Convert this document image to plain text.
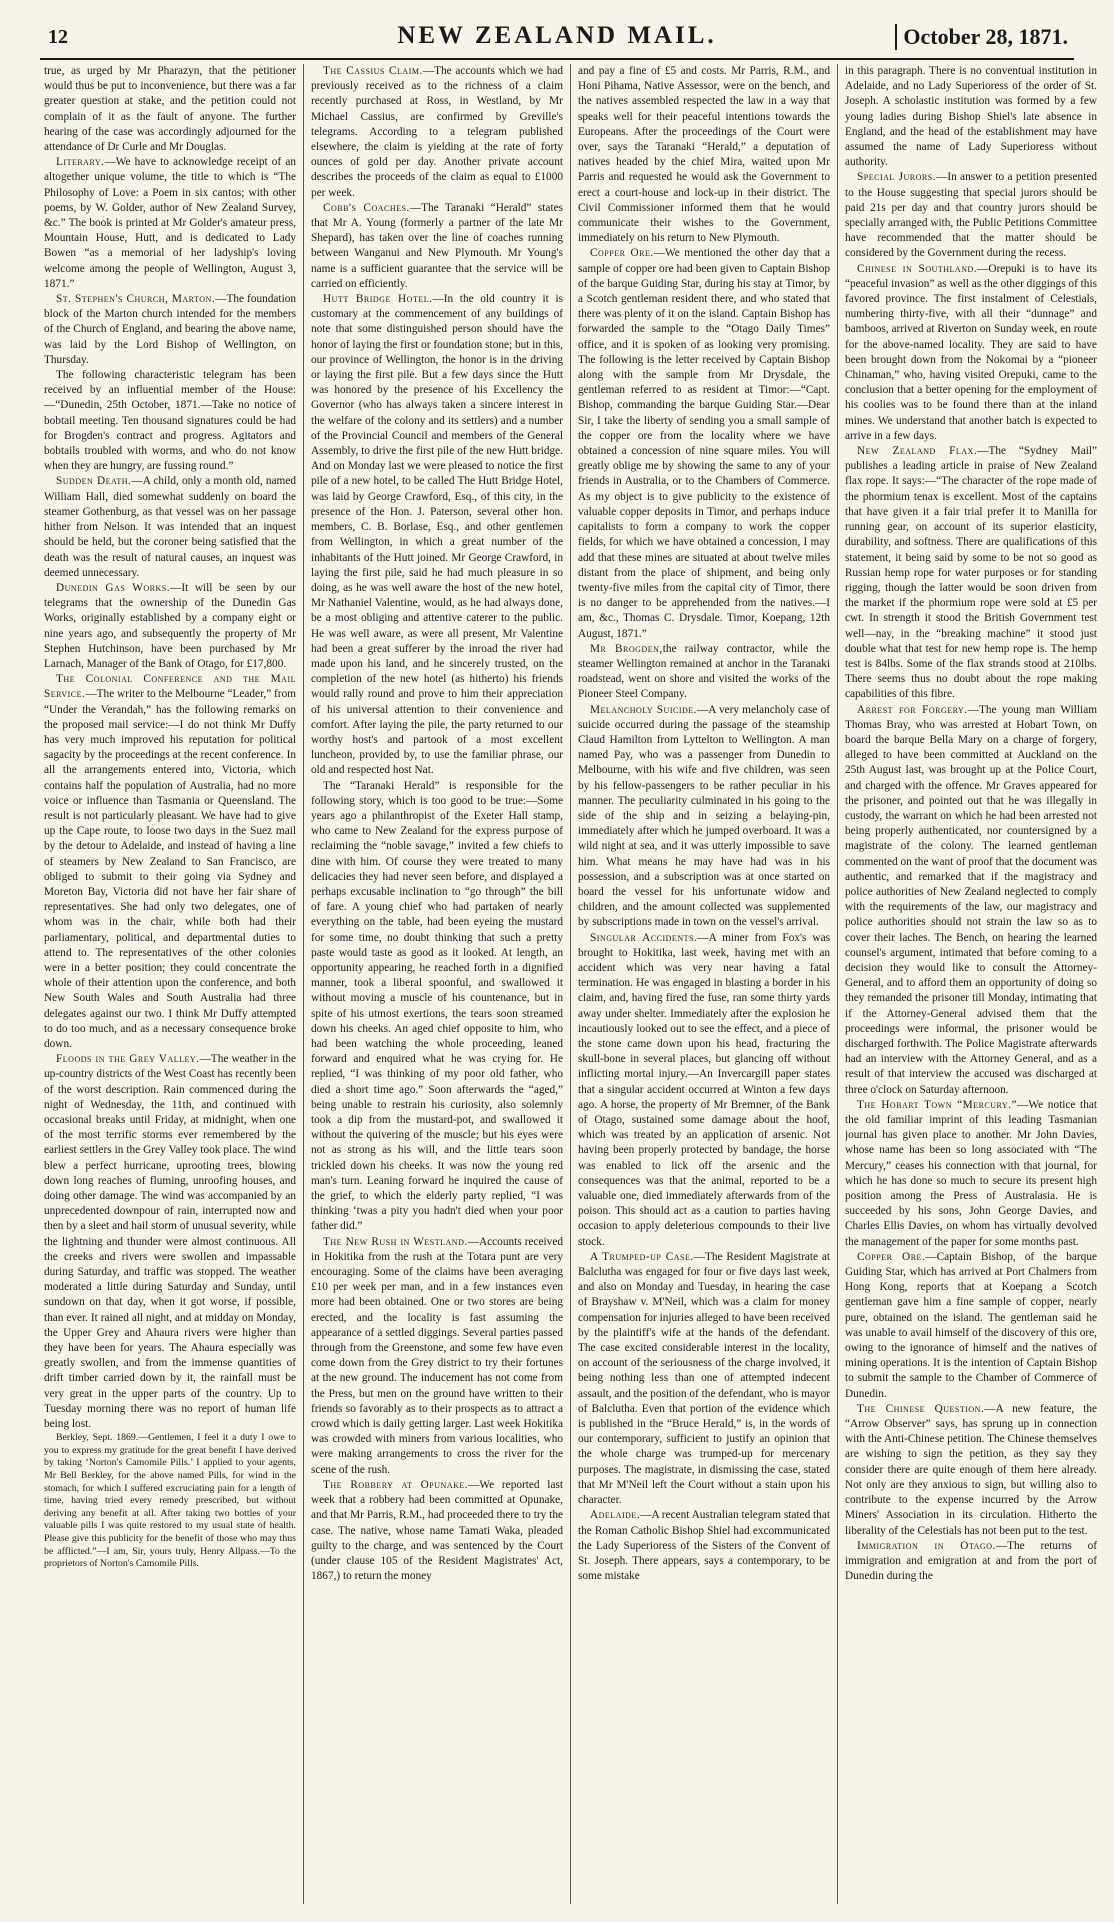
12	NEW ZEALAND MAIL.	October 28, 1871.

true, as urged by Mr Pharazyn, that the petitioner would thus be put to inconvenience, but there was a far greater question at stake, and the petition could not complain of it as the fault of anyone. The further hearing of the case was accordingly adjourned for the attendance of Dr Curle and Mr Douglas.

Literary.—We have to acknowledge receipt of an altogether unique volume, the title to which is “The Philosophy of Love: a Poem in six cantos; with other poems, by W. Golder, author of New Zealand Survey, &c.” The book is printed at Mr Golder's amateur press, Mountain House, Hutt, and is dedicated to Lady Bowen “as a memorial of her ladyship's loving welcome among the people of Wellington, August 3, 1871.”

St. Stephen's Church, Marton.—The foundation block of the Marton church intended for the members of the Church of England, and bearing the above name, was laid by the Lord Bishop of Wellington, on Thursday.

The following characteristic telegram has been received by an influential member of the House:—“Dunedin, 25th October, 1871.—Take no notice of bobtail meeting. Ten thousand signatures could be had for Brogden's contract and progress. Agitators and bobtails troubled with worms, and who do not know when they are hungry, are fussing round.”

Sudden Death.—A child, only a month old, named William Hall, died somewhat suddenly on board the steamer Gothenburg, as that vessel was on her passage hither from Nelson. It was intended that an inquest should be held, but the coroner being satisfied that the death was the result of natural causes, an inquest was deemed unnecessary.

Dunedin Gas Works.—It will be seen by our telegrams that the ownership of the Dunedin Gas Works, originally established by a company eight or nine years ago, and subsequently the property of Mr Stephen Hutchinson, have been purchased by Mr Larnach, Manager of the Bank of Otago, for £17,800.

The Colonial Conference and the Mail Service.—The writer to the Melbourne “Leader,” from “Under the Verandah,” has the following remarks on the proposed mail service:—I do not think Mr Duffy has very much improved his reputation for political sagacity by the proceedings at the recent conference. In all the arrangements entered into, Victoria, which contains half the population of Australia, had no more voice or influence than Tasmania or Queensland. The result is not particularly pleasant. We have had to give up the Cape route, to loose two days in the Suez mail by the detour to Adelaide, and instead of having a line of steamers by New Zealand to San Francisco, are obliged to submit to their going via Sydney and Moreton Bay, Victoria did not have her fair share of representatives. She had only two delegates, one of whom was in the chair, while both had their parliamentary, political, and departmental duties to attend to. The representatives of the other colonies were in a better position; they could concentrate the whole of their attention upon the conference, and both New South Wales and South Australia had three delegates against our two. I think Mr Duffy attempted to do too much, and as a necessary consequence broke down.

Floods in the Grey Valley.—The weather in the up-country districts of the West Coast has recently been of the worst description. Rain commenced during the night of Wednesday, the 11th, and continued with occasional breaks until Friday, at midnight, when one of the most terrific storms ever remembered by the earliest settlers in the Grey Valley took place. The wind blew a perfect hurricane, uprooting trees, blowing down long reaches of fluming, unroofing houses, and doing other damage. The wind was accompanied by an unprecedented downpour of rain, interrupted now and then by a sleet and hail storm of unusual severity, while the lightning and thunder were almost continuous. All the creeks and rivers were swollen and impassable during Saturday, and traffic was stopped. The weather moderated a little during Saturday and Sunday, until sundown on that day, when it got worse, if possible, than ever. It rained all night, and at midday on Monday, the Upper Grey and Ahaura rivers were higher than they have been for years. The Ahaura especially was greatly swollen, and from the immense quantities of drift timber carried down by it, the rainfall must be very great in the upper parts of the country. Up to Tuesday morning there was no report of human life being lost.

Berkley, Sept. 1869.—Gentlemen, I feel it a duty I owe to you to express my gratitude for the great benefit I have derived by taking ‘Norton's Camomile Pills.’ I applied to your agents, Mr Bell Berkley, for the above named Pills, for wind in the stomach, for which I suffered excruciating pain for a length of time, having tried every remedy prescribed, but without deriving any benefit at all. After taking two bottles of your valuable pills I was quite restored to my usual state of health. Please give this publicity for the benefit of those who may thus be afflicted.”—I am, Sir, yours truly, Henry Allpass.—To the proprietors of Norton's Camomile Pills.

The Cassius Claim.—The accounts which we had previously received as to the richness of a claim recently purchased at Ross, in Westland, by Mr Michael Cassius, are confirmed by Greville's telegrams. According to a telegram published elsewhere, the claim is yielding at the rate of forty ounces of gold per day. Another private account describes the proceeds of the claim as equal to £1000 per week.

Cobb's Coaches.—The Taranaki “Herald” states that Mr A. Young (formerly a partner of the late Mr Shepard), has taken over the line of coaches running between Wanganui and New Plymouth. Mr Young's name is a sufficient guarantee that the service will be carried on efficiently.

Hutt Bridge Hotel.—In the old country it is customary at the commencement of any buildings of note that some distinguished person should have the honor of laying the first or foundation stone; but in this, our province of Wellington, the honor is in the driving or laying the first pile. But a few days since the Hutt was honored by the presence of his Excellency the Governor (who has always taken a sincere interest in the welfare of the colony and its settlers) and a number of the Provincial Council and members of the General Assembly, to drive the first pile of the new Hutt bridge. And on Monday last we were pleased to notice the first pile of a new hotel, to be called The Hutt Bridge Hotel, was laid by George Crawford, Esq., of this city, in the presence of the Hon. J. Paterson, several other hon. members, C. B. Borlase, Esq., and other gentlemen from Wellington, in which a great number of the inhabitants of the Hutt joined. Mr George Crawford, in laying the first pile, said he had much pleasure in so doing, as he was well aware the host of the new hotel, Mr Nathaniel Valentine, would, as he had always done, be a most obliging and attentive caterer to the public. He was well aware, as were all present, Mr Valentine had been a great sufferer by the inroad the river had made upon his land, and he sincerely trusted, on the completion of the new hotel (as hitherto) his friends would rally round and prove to him their appreciation of his universal attention to their convenience and comfort. After laying the pile, the party returned to our worthy host's and partook of a most excellent luncheon, provided by, to use the familiar phrase, our old and respected host Nat.

The “Taranaki Herald” is responsible for the following story, which is too good to be true:—Some years ago a philanthropist of the Exeter Hall stamp, who came to New Zealand for the express purpose of reclaiming the “noble savage,” invited a few chiefs to dine with him. Of course they were treated to many delicacies they had never seen before, and displayed a perhaps excusable inclination to “go through” the bill of fare. A young chief who had partaken of nearly everything on the table, had been eyeing the mustard for some time, no doubt thinking that such a pretty paste would taste as good as it looked. At length, an opportunity appearing, he reached forth in a dignified manner, took a liberal spoonful, and swallowed it without moving a muscle of his countenance, but in spite of his utmost exertions, the tears soon streamed down his cheeks. An aged chief opposite to him, who had been watching the whole proceeding, leaned forward and enquired what he was crying for. He replied, “I was thinking of my poor old father, who died a short time ago.” Soon afterwards the “aged,” being unable to restrain his curiosity, also solemnly took a dip from the mustard-pot, and swallowed it without the quivering of the muscle; but his eyes were not as strong as his will, and the little tears soon trickled down his cheeks. It was now the young red man's turn. Leaning forward he inquired the cause of the grief, to which the elderly party replied, “I was thinking ‘twas a pity you hadn't died when your poor father did.”

The New Rush in Westland.—Accounts received in Hokitika from the rush at the Totara punt are very encouraging. Some of the claims have been averaging £10 per week per man, and in a few instances even more had been obtained. One or two stores are being erected, and the locality is fast assuming the appearance of a settled diggings. Several parties passed through from the Greenstone, and some few have even come down from the Grey district to try their fortunes at the new ground. The inducement has not come from the Press, but men on the ground have written to their friends so favorably as to their prospects as to attract a crowd which is daily getting larger. Last week Hokitika was crowded with miners from various localities, who were making arrangements to cross the river for the scene of the rush.

The Robbery at Opunake.—We reported last week that a robbery had been committed at Opunake, and that Mr Parris, R.M., had proceeded there to try the case. The native, whose name Tamati Waka, pleaded guilty to the charge, and was sentenced by the Court (under clause 105 of the Resident Magistrates' Act, 1867,) to return the money

and pay a fine of £5 and costs. Mr Parris, R.M., and Honi Pihama, Native Assessor, were on the bench, and the natives assembled respected the law in a way that speaks well for their peaceful intentions towards the Europeans. After the proceedings of the Court were over, says the Taranaki “Herald,” a deputation of natives headed by the chief Mira, waited upon Mr Parris and requested he would ask the Government to erect a court-house and lock-up in their district. The Civil Commissioner informed them that he would communicate their wishes to the Government, immediately on his return to New Plymouth.

Copper Ore.—We mentioned the other day that a sample of copper ore had been given to Captain Bishop of the barque Guiding Star, during his stay at Timor, by a Scotch gentleman resident there, and who stated that there was plenty of it on the island. Captain Bishop has forwarded the sample to the “Otago Daily Times” office, and it is spoken of as looking very promising. The following is the letter received by Captain Bishop along with the sample from Mr Drysdale, the gentleman referred to as resident at Timor:—“Capt. Bishop, commanding the barque Guiding Star.—Dear Sir, I take the liberty of sending you a small sample of the copper ore from the locality where we have obtained a concession of nine square miles. You will greatly oblige me by showing the same to any of your friends in Australia, or to the Chambers of Commerce. As my object is to give publicity to the existence of valuable copper deposits in Timor, and perhaps induce capitalists to form a company to work the copper fields, for which we have obtained a concession, I may add that these mines are situated at about twelve miles distant from the place of shipment, and being only twenty-five miles from the capital city of Timor, there is no danger to be apprehended from the natives.—I am, &c., Thomas C. Drysdale. Timor, Koepang, 12th August, 1871.”

Mr Brogden,the railway contractor, while the steamer Wellington remained at anchor in the Taranaki roadstead, went on shore and visited the works of the Pioneer Steel Company.

Melancholy Suicide.—A very melancholy case of suicide occurred during the passage of the steamship Claud Hamilton from Lyttelton to Wellington. A man named Pay, who was a passenger from Dunedin to Melbourne, with his wife and five children, was seen by his fellow-passengers to be rather peculiar in his manner. The peculiarity culminated in his going to the side of the ship and in seizing a belaying-pin, immediately after which he jumped overboard. It was a wild night at sea, and it was utterly impossible to save him. What means he may have had was in his possession, and a subscription was at once started on board the vessel for his unfortunate widow and children, and the amount collected was supplemented by subscriptions made in town on the vessel's arrival.

Singular Accidents.—A miner from Fox's was brought to Hokitika, last week, having met with an accident which was very near having a fatal termination. He was engaged in blasting a border in his claim, and, having fired the fuse, ran some thirty yards away under shelter. Immediately after the explosion he incautiously looked out to see the effect, and a piece of the stone came down upon his head, fracturing the skull-bone in several places, but glancing off without inflicting mortal injury.—An Invercargill paper states that a singular accident occurred at Winton a few days ago. A horse, the property of Mr Bremner, of the Bank of Otago, sustained some damage about the hoof, which was treated by an application of arsenic. Not having been properly protected by bandage, the horse was enabled to lick off the arsenic and the consequences was that the animal, reported to be a valuable one, died immediately afterwards from of the poison. This should act as a caution to parties having occasion to apply deleterious compounds to their live stock.

A Trumped-up Case.—The Resident Magistrate at Balclutha was engaged for four or five days last week, and also on Monday and Tuesday, in hearing the case of Brayshaw v. M'Neil, which was a claim for money compensation for injuries alleged to have been received by the plaintiff's wife at the hands of the defendant. The case excited considerable interest in the locality, on account of the seriousness of the charge involved, it being nothing less than one of attempted indecent assault, and the position of the defendant, who is mayor of Balclutha. Even that portion of the evidence which is published in the “Bruce Herald,” is, in the words of our contemporary, sufficient to justify an opinion that the whole charge was trumped-up for mercenary purposes. The magistrate, in dismissing the case, stated that Mr M'Neil left the Court without a stain upon his character.

Adelaide.—A recent Australian telegram stated that the Roman Catholic Bishop Shiel had excommunicated the Lady Superioress of the Sisters of the Convent of St. Joseph. There appears, says a contemporary, to be some mistake

in this paragraph. There is no conventual institution in Adelaide, and no Lady Superioress of the order of St. Joseph. A scholastic institution was formed by a few young ladies during Bishop Shiel's late absence in England, and the head of the establishment may have assumed the name of Lady Superioress without authority.

Special Jurors.—In answer to a petition presented to the House suggesting that special jurors should be paid 21s per day and that country jurors should be specially arranged with, the Public Petitions Committee have recommended that the matter should be considered by the Government during the recess.

Chinese in Southland.—Orepuki is to have its “peaceful invasion” as well as the other diggings of this favored province. The first instalment of Celestials, numbering thirty-five, with all their “dunnage” and bamboos, arrived at Riverton on Sunday week, en route for the above-named locality. They are said to have been brought down from the Nokomai by a “pioneer Chinaman,” who, having visited Orepuki, came to the conclusion that a better opening for the employment of his coolies was to be found there than at the inland mines. We understand that another batch is expected to arrive in a few days.

New Zealand Flax.—The “Sydney Mail” publishes a leading article in praise of New Zealand flax rope. It says:—“The character of the rope made of the phormium tenax is excellent. Most of the captains that have given it a fair trial prefer it to Manilla for running gear, on account of its superior elasticity, durability, and softness. There are qualifications of this statement, it being said by some to be not so good as Russian hemp rope for water purposes or for standing rigging, though the latter would be soon driven from the market if the phormium rope were sold at £5 per cwt. In strength it stood the British Government test well—nay, in the “breaking machine” it stood just double what that test for new hemp rope is. The hemp test is 84lbs. Some of the flax strands stood at 210lbs. There seems thus no doubt about the rope making capabilities of this fibre.

Arrest for Forgery.—The young man William Thomas Bray, who was arrested at Hobart Town, on board the barque Bella Mary on a charge of forgery, alleged to have been committed at Auckland on the 25th August last, was brought up at the Police Court, and charged with the offence. Mr Graves appeared for the prisoner, and pointed out that he was illegally in custody, the warrant on which he had been arrested not being properly authenticated, nor countersigned by a magistrate of the colony. The learned gentleman commented on the want of proof that the document was authentic, and remarked that if the magistracy and police authorities of New Zealand neglected to comply with the requirements of the law, our magistracy and police authorities should not strain the law so as to cover their laches. The Bench, on hearing the learned counsel's argument, intimated that before coming to a decision they would like to consult the Attorney-General, and to afford them an opportunity of doing so they remanded the prisoner till Monday, intimating that if the Attorney-General advised them that the proceedings were informal, the prisoner would be discharged forthwith. The Police Magistrate afterwards had an interview with the Attorney General, and as a result of that interview the accused was discharged at three o'clock on Saturday afternoon.

The Hobart Town “Mercury.”—We notice that the old familiar imprint of this leading Tasmanian journal has given place to another. Mr John Davies, whose name has been so long associated with “The Mercury,” ceases his connection with that journal, for which he has done so much to secure its present high position among the Press of Australasia. He is succeeded by his sons, John George Davies, and Charles Ellis Davies, on whom has virtually devolved the management of the paper for some months past.

Copper Ore.—Captain Bishop, of the barque Guiding Star, which has arrived at Port Chalmers from Hong Kong, reports that at Koepang a Scotch gentleman gave him a fine sample of copper, nearly pure, obtained on the island. The gentleman said he was unable to avail himself of the discovery of this ore, owing to the ignorance of himself and the natives of mining operations. It is the intention of Captain Bishop to submit the sample to the Chamber of Commerce of Dunedin.

The Chinese Question.—A new feature, the “Arrow Observer” says, has sprung up in connection with the Anti-Chinese petition. The Chinese themselves are wishing to sign the petition, as they say they consider there are quite enough of them here already. Not only are they anxious to sign, but willing also to contribute to the expense incurred by the Arrow Miners' Association in its circulation. Hitherto the liberality of the Celestials has not been put to the test.

Immigration in Otago.—The returns of immigration and emigration at and from the port of Dunedin during the
